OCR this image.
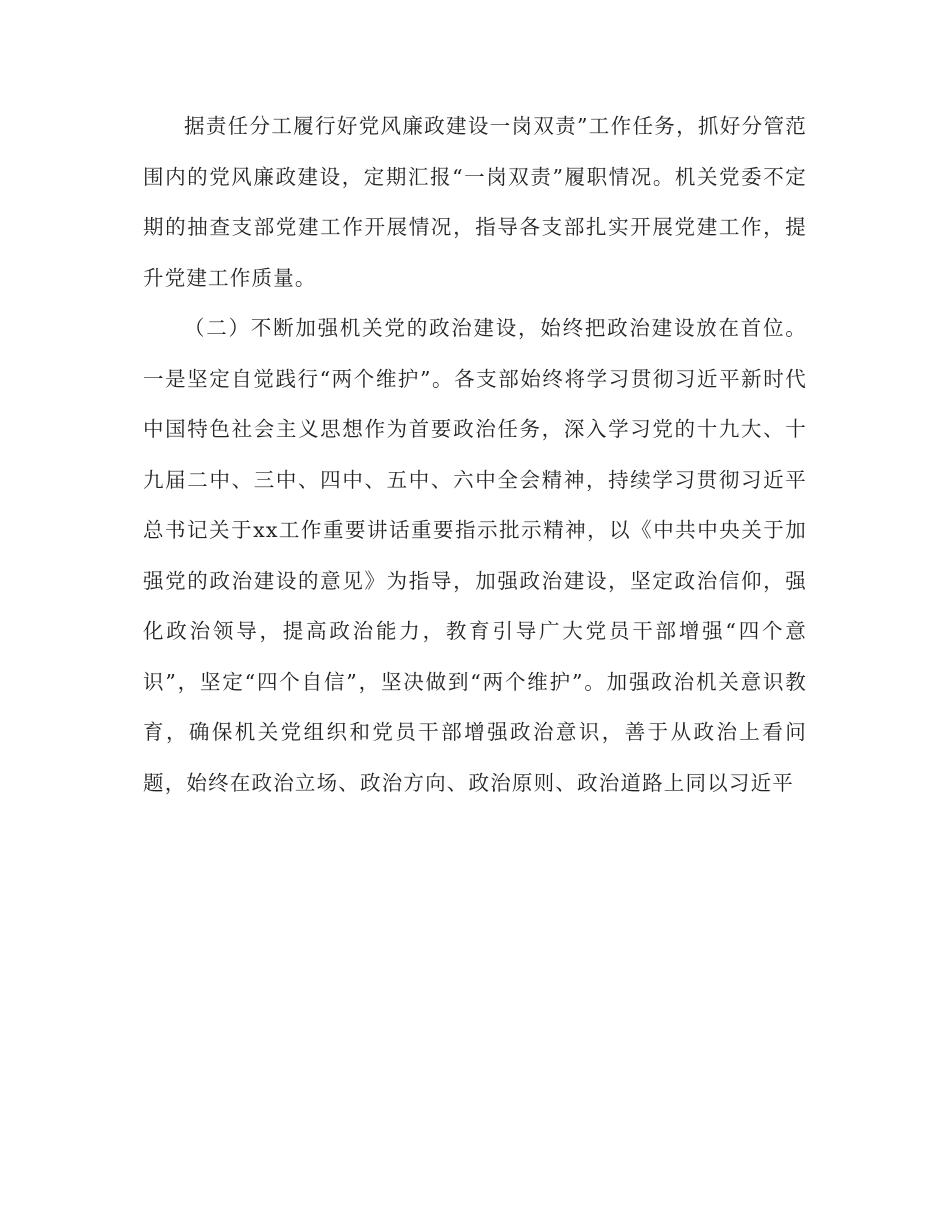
据责任分工履行好党风廉政建设一岗双责”工作任务，抓好分管范围内的党风廉政建设，定期汇报“一岗双责”履职情况。机关党委不定期的抽查支部党建工作开展情况，指导各支部扎实开展党建工作，提升党建工作质量。

（二）不断加强机关党的政治建设，始终把政治建设放在首位。一是坚定自觉践行“两个维护”。各支部始终将学习贯彻习近平新时代中国特色社会主义思想作为首要政治任务，深入学习党的十九大、十九届二中、三中、四中、五中、六中全会精神，持续学习贯彻习近平总书记关于xx工作重要讲话重要指示批示精神，以《中共中央关于加强党的政治建设的意见》为指导，加强政治建设，坚定政治信仰，强化政治领导，提高政治能力，教育引导广大党员干部增强“四个意识”，坚定“四个自信”，坚决做到“两个维护”。加强政治机关意识教育，确保机关党组织和党员干部增强政治意识，善于从政治上看问题，始终在政治立场、政治方向、政治原则、政治道路上同以习近平
